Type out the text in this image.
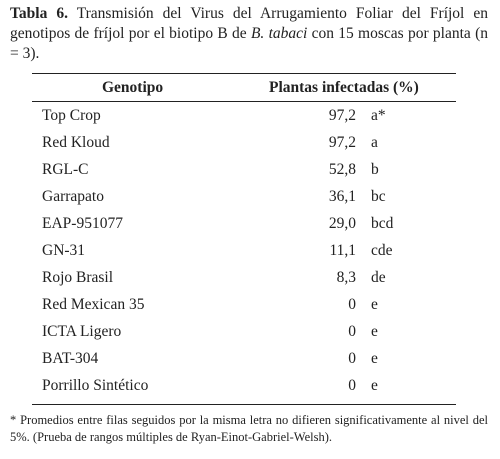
Tabla 6. Transmisión del Virus del Arrugamiento Foliar del Fríjol en genotipos de fríjol por el biotipo B de B. tabaci con 15 moscas por planta (n = 3).
Genotipo	Plantas infectadas (%)
Top Crop	97,2 a*
Red Kloud	97,2 a
RGL-C	52,8 b
Garrapato	36,1 bc
EAP-951077	29,0 bcd
GN-31	11,1 cde
Rojo Brasil	8,3 de
Red Mexican 35	0 e
ICTA Ligero	0 e
BAT-304	0 e
Porrillo Sintético	0 e
* Promedios entre filas seguidos por la misma letra no difieren significativamente al nivel del 5%. (Prueba de rangos múltiples de Ryan-Einot-Gabriel-Welsh).
